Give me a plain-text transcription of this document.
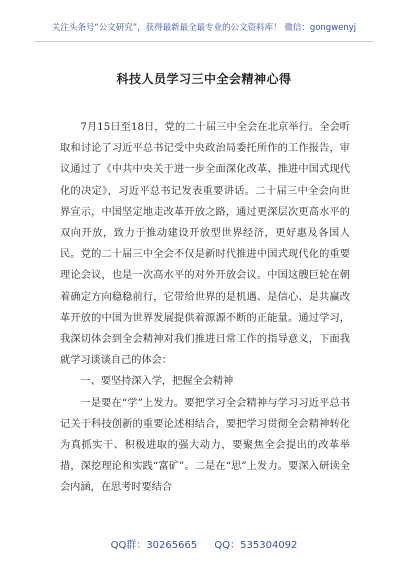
关注头条号“公文研究”，获得最新最全最专业的公文资料库！ 微信：gongwenyj
科技人员学习三中全会精神心得

7月15日至18日，党的二十届三中全会在北京举行。全会听取和讨论了习近平总书记受中央政治局委托所作的工作报告，审议通过了《中共中央关于进一步全面深化改革、推进中国式现代化的决定》，习近平总书记发表重要讲话。二十届三中全会向世界宣示，中国坚定地走改革开放之路，通过更深层次更高水平的双向开放，致力于推动建设开放型世界经济，更好惠及各国人民。党的二十届三中全会不仅是新时代推进中国式现代化的重要理论会议，也是一次高水平的对外开放会议。中国这艘巨轮在朝着确定方向稳稳前行，它带给世界的是机遇、是信心、是共赢改革开放的中国为世界发展提供着源源不断的正能量。通过学习，我深切体会到全会精神对我们推进日常工作的指导意义，下面我就学习谈谈自己的体会：

一、要坚持深入学，把握全会精神

一是要在“学”上发力。要把学习全会精神与学习习近平总书记关于科技创新的重要论述相结合，要把学习贯彻全会精神转化为真抓实干、积极进取的强大动力，要聚焦全会提出的改革举措，深挖理论和实践“富矿”。二是在“思”上发力。要深入研读全会内涵，在思考时要结合

QQ群：30265665 QQ：535304092
